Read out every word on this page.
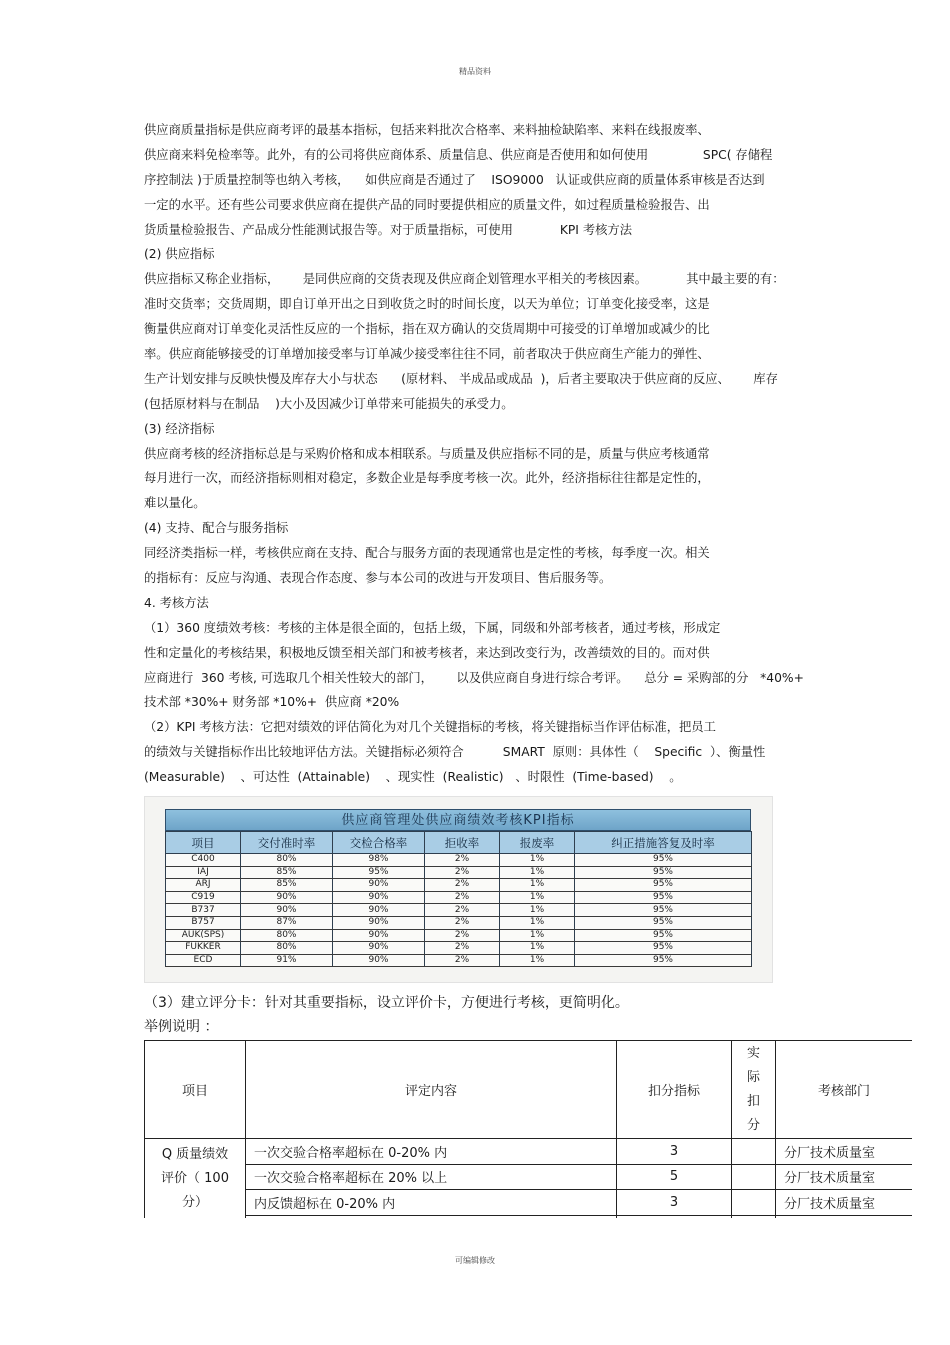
精品资料
供应商质量指标是供应商考评的最基本指标，包括来料批次合格率、来料抽检缺陷率、来料在线报废率、
供应商来料免检率等。此外，有的公司将供应商体系、质量信息、供应商是否使用和如何使用              SPC( 存储程
序控制法 )于质量控制等也纳入考核，    如供应商是否通过了    ISO9000   认证或供应商的质量体系审核是否达到
一定的水平。还有些公司要求供应商在提供产品的同时要提供相应的质量文件，如过程质量检验报告、出
货质量检验报告、产品成分性能测试报告等。对于质量指标，可使用            KPI 考核方法
(2) 供应指标
供应指标又称企业指标，      是同供应商的交货表现及供应商企划管理水平相关的考核因素。          其中最主要的有：
准时交货率；交货周期，即自订单开出之日到收货之时的时间长度，以天为单位；订单变化接受率，这是
衡量供应商对订单变化灵活性反应的一个指标，指在双方确认的交货周期中可接受的订单增加或减少的比
率。供应商能够接受的订单增加接受率与订单减少接受率往往不同，前者取决于供应商生产能力的弹性、
生产计划安排与反映快慢及库存大小与状态      (原材料、 半成品或成品  )，后者主要取决于供应商的反应、      库存
(包括原材料与在制品    )大小及因减少订单带来可能损失的承受力。
(3) 经济指标
供应商考核的经济指标总是与采购价格和成本相联系。与质量及供应指标不同的是，质量与供应考核通常
每月进行一次，而经济指标则相对稳定，多数企业是每季度考核一次。此外，经济指标往往都是定性的，
难以量化。
(4) 支持、配合与服务指标
同经济类指标一样，考核供应商在支持、配合与服务方面的表现通常也是定性的考核，每季度一次。相关
的指标有：反应与沟通、表现合作态度、参与本公司的改进与开发项目、售后服务等。
4. 考核方法
（1）360 度绩效考核：考核的主体是很全面的，包括上级，下属，同级和外部考核者，通过考核，形成定
性和定量化的考核结果，积极地反馈至相关部门和被考核者，来达到改变行为，改善绩效的目的。而对供
应商进行  360 考核, 可选取几个相关性较大的部门，      以及供应商自身进行综合考评。    总分 = 采购部的分   *40%+
技术部 *30%+ 财务部 *10%+  供应商 *20%
（2）KPI 考核方法：它把对绩效的评估简化为对几个关键指标的考核，将关键指标当作评估标准，把员工
的绩效与关键指标作出比较地评估方法。关键指标必须符合          SMART  原则：具体性（    Specific  ）、衡量性
(Measurable)    、可达性  (Attainable)    、现实性  (Realistic)   、时限性  (Time-based)    。
供应商管理处供应商绩效考核KPI指标
项目	交付准时率	交检合格率	拒收率	报废率	纠正措施答复及时率
C400	80%	98%	2%	1%	95%
IAJ	85%	95%	2%	1%	95%
ARJ	85%	90%	2%	1%	95%
C919	90%	90%	2%	1%	95%
B737	90%	90%	2%	1%	95%
B757	87%	90%	2%	1%	95%
AUK(SPS)	80%	90%	2%	1%	95%
FUKKER	80%	90%	2%	1%	95%
ECD	91%	90%	2%	1%	95%
（3）建立评分卡：针对其重要指标，设立评价卡，方便进行考核，更简明化。
举例说明 ：
项目	评定内容	扣分指标	实
际
扣
分	考核部门

Q 质量绩效
评价（ 100
分）	一次交验合格率超标在 0-20% 内	3		分厂技术质量室
	一次交验合格率超标在 20% 以上	5		分厂技术质量室
	内反馈超标在 0-20% 内	3		分厂技术质量室

可编辑修改
